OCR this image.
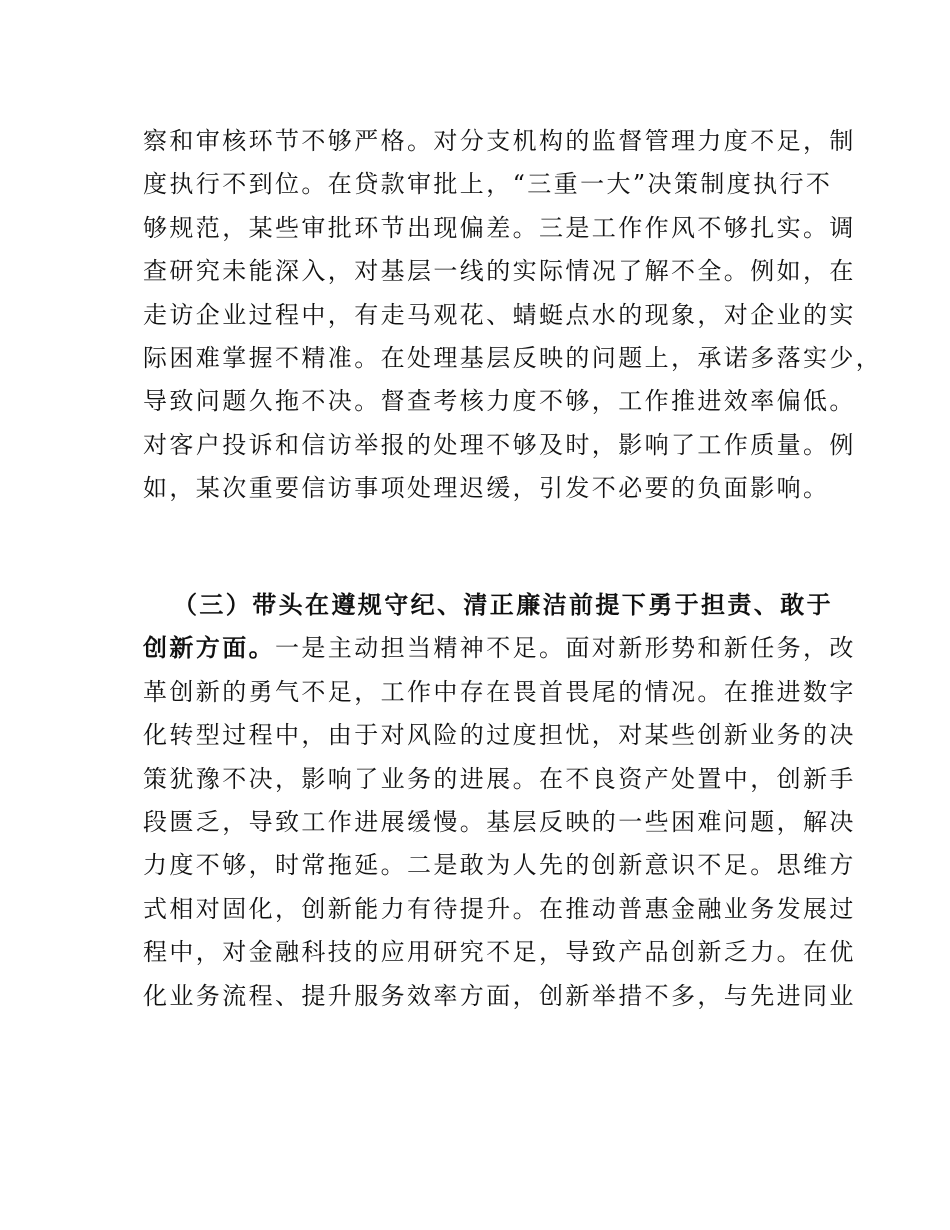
察和审核环节不够严格。对分支机构的监督管理力度不足，制
度执行不到位。在贷款审批上，“三重一大”决策制度执行不
够规范，某些审批环节出现偏差。三是工作作风不够扎实。调
查研究未能深入，对基层一线的实际情况了解不全。例如，在
走访企业过程中，有走马观花、蜻蜓点水的现象，对企业的实
际困难掌握不精准。在处理基层反映的问题上，承诺多落实少，
导致问题久拖不决。督查考核力度不够，工作推进效率偏低。
对客户投诉和信访举报的处理不够及时，影响了工作质量。例
如，某次重要信访事项处理迟缓，引发不必要的负面影响。
（三）带头在遵规守纪、清正廉洁前提下勇于担责、敢于
创新方面。一是主动担当精神不足。面对新形势和新任务，改
革创新的勇气不足，工作中存在畏首畏尾的情况。在推进数字
化转型过程中，由于对风险的过度担忧，对某些创新业务的决
策犹豫不决，影响了业务的进展。在不良资产处置中，创新手
段匮乏，导致工作进展缓慢。基层反映的一些困难问题，解决
力度不够，时常拖延。二是敢为人先的创新意识不足。思维方
式相对固化，创新能力有待提升。在推动普惠金融业务发展过
程中，对金融科技的应用研究不足，导致产品创新乏力。在优
化业务流程、提升服务效率方面，创新举措不多，与先进同业
